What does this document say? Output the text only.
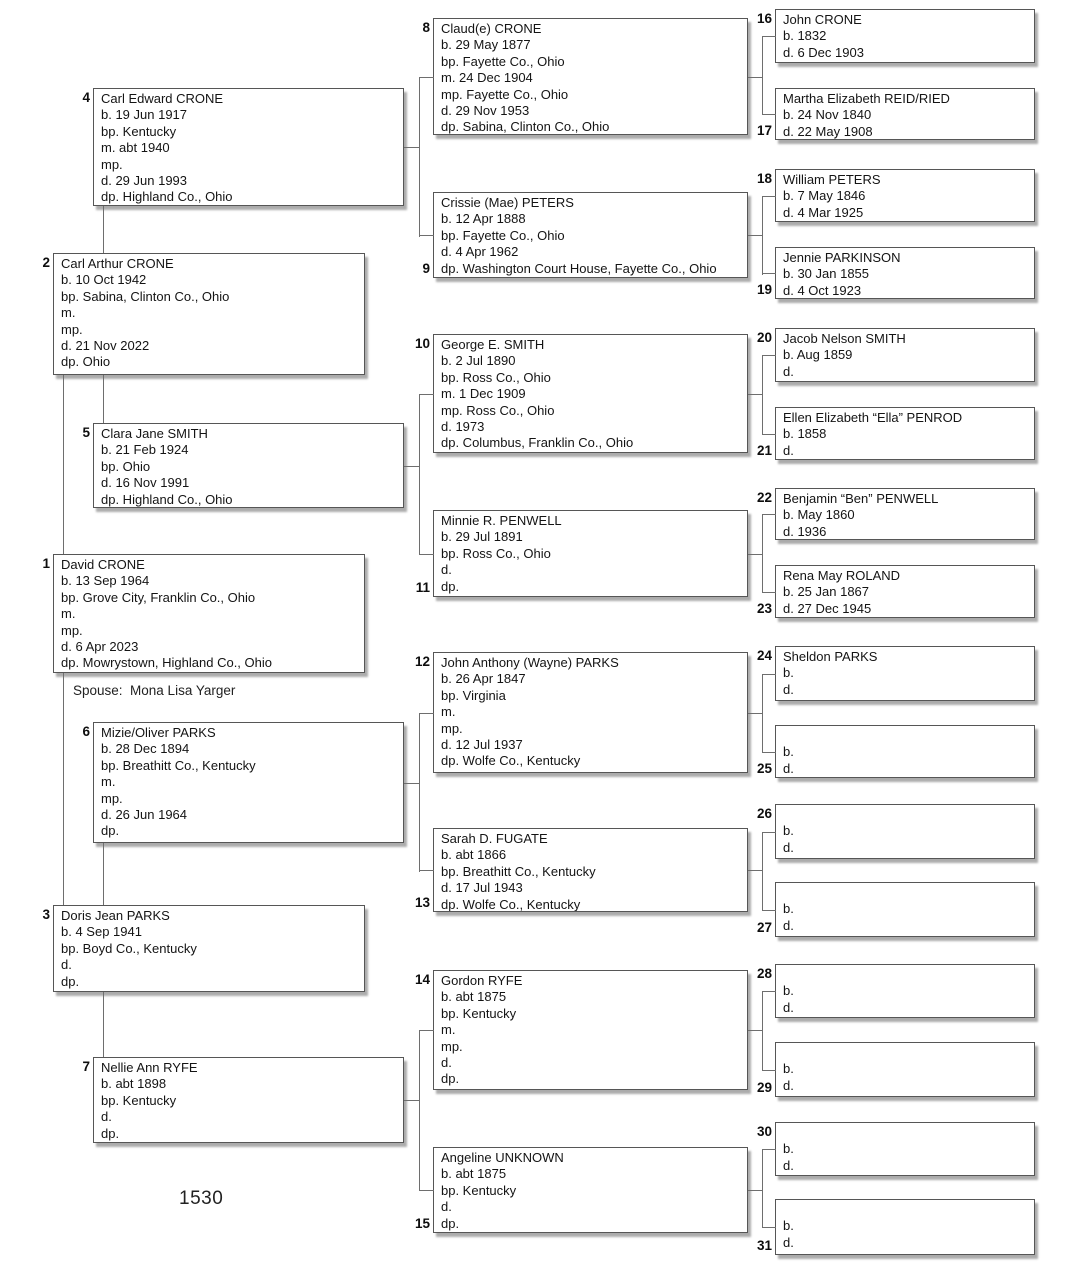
Spouse:  Mona Lisa Yarger
1530
David CRONE
b. 13 Sep 1964
bp. Grove City, Franklin Co., Ohio
m.
mp.
d. 6 Apr 2023
dp. Mowrystown, Highland Co., Ohio
1
Carl Arthur CRONE
b. 10 Oct 1942
bp. Sabina, Clinton Co., Ohio
m.
mp.
d. 21 Nov 2022
dp. Ohio
2
Doris Jean PARKS
b. 4 Sep 1941
bp. Boyd Co., Kentucky
d.
dp.
3
Carl Edward CRONE
b. 19 Jun 1917
bp. Kentucky
m. abt 1940
mp.
d. 29 Jun 1993
dp. Highland Co., Ohio
4
Clara Jane SMITH
b. 21 Feb 1924
bp. Ohio
d. 16 Nov 1991
dp. Highland Co., Ohio
5
Mizie/Oliver PARKS
b. 28 Dec 1894
bp. Breathitt Co., Kentucky
m.
mp.
d. 26 Jun 1964
dp.
6
Nellie Ann RYFE
b. abt 1898
bp. Kentucky
d.
dp.
7
Claud(e) CRONE
b. 29 May 1877
bp. Fayette Co., Ohio
m. 24 Dec 1904
mp. Fayette Co., Ohio
d. 29 Nov 1953
dp. Sabina, Clinton Co., Ohio
8
Crissie (Mae) PETERS
b. 12 Apr 1888
bp. Fayette Co., Ohio
d. 4 Apr 1962
dp. Washington Court House, Fayette Co., Ohio
9
George E. SMITH
b. 2 Jul 1890
bp. Ross Co., Ohio
m. 1 Dec 1909
mp. Ross Co., Ohio
d. 1973
dp. Columbus, Franklin Co., Ohio
10
Minnie R. PENWELL
b. 29 Jul 1891
bp. Ross Co., Ohio
d.
dp.
11
John Anthony (Wayne) PARKS
b. 26 Apr 1847
bp. Virginia
m.
mp.
d. 12 Jul 1937
dp. Wolfe Co., Kentucky
12
Sarah D. FUGATE
b. abt 1866
bp. Breathitt Co., Kentucky
d. 17 Jul 1943
dp. Wolfe Co., Kentucky
13
Gordon RYFE
b. abt 1875
bp. Kentucky
m.
mp.
d.
dp.
14
Angeline UNKNOWN
b. abt 1875
bp. Kentucky
d.
dp.
15
John CRONE
b. 1832
d. 6 Dec 1903
16
Martha Elizabeth REID/RIED
b. 24 Nov 1840
d. 22 May 1908
17
William PETERS
b. 7 May 1846
d. 4 Mar 1925
18
Jennie PARKINSON
b. 30 Jan 1855
d. 4 Oct 1923
19
Jacob Nelson SMITH
b. Aug 1859
d.
20
Ellen Elizabeth “Ella” PENROD
b. 1858
d.
21
Benjamin “Ben” PENWELL
b. May 1860
d. 1936
22
Rena May ROLAND
b. 25 Jan 1867
d. 27 Dec 1945
23
Sheldon PARKS
b.
d.
24
b.
d.
25
b.
d.
26
b.
d.
27
b.
d.
28
b.
d.
29
b.
d.
30
b.
d.
31
